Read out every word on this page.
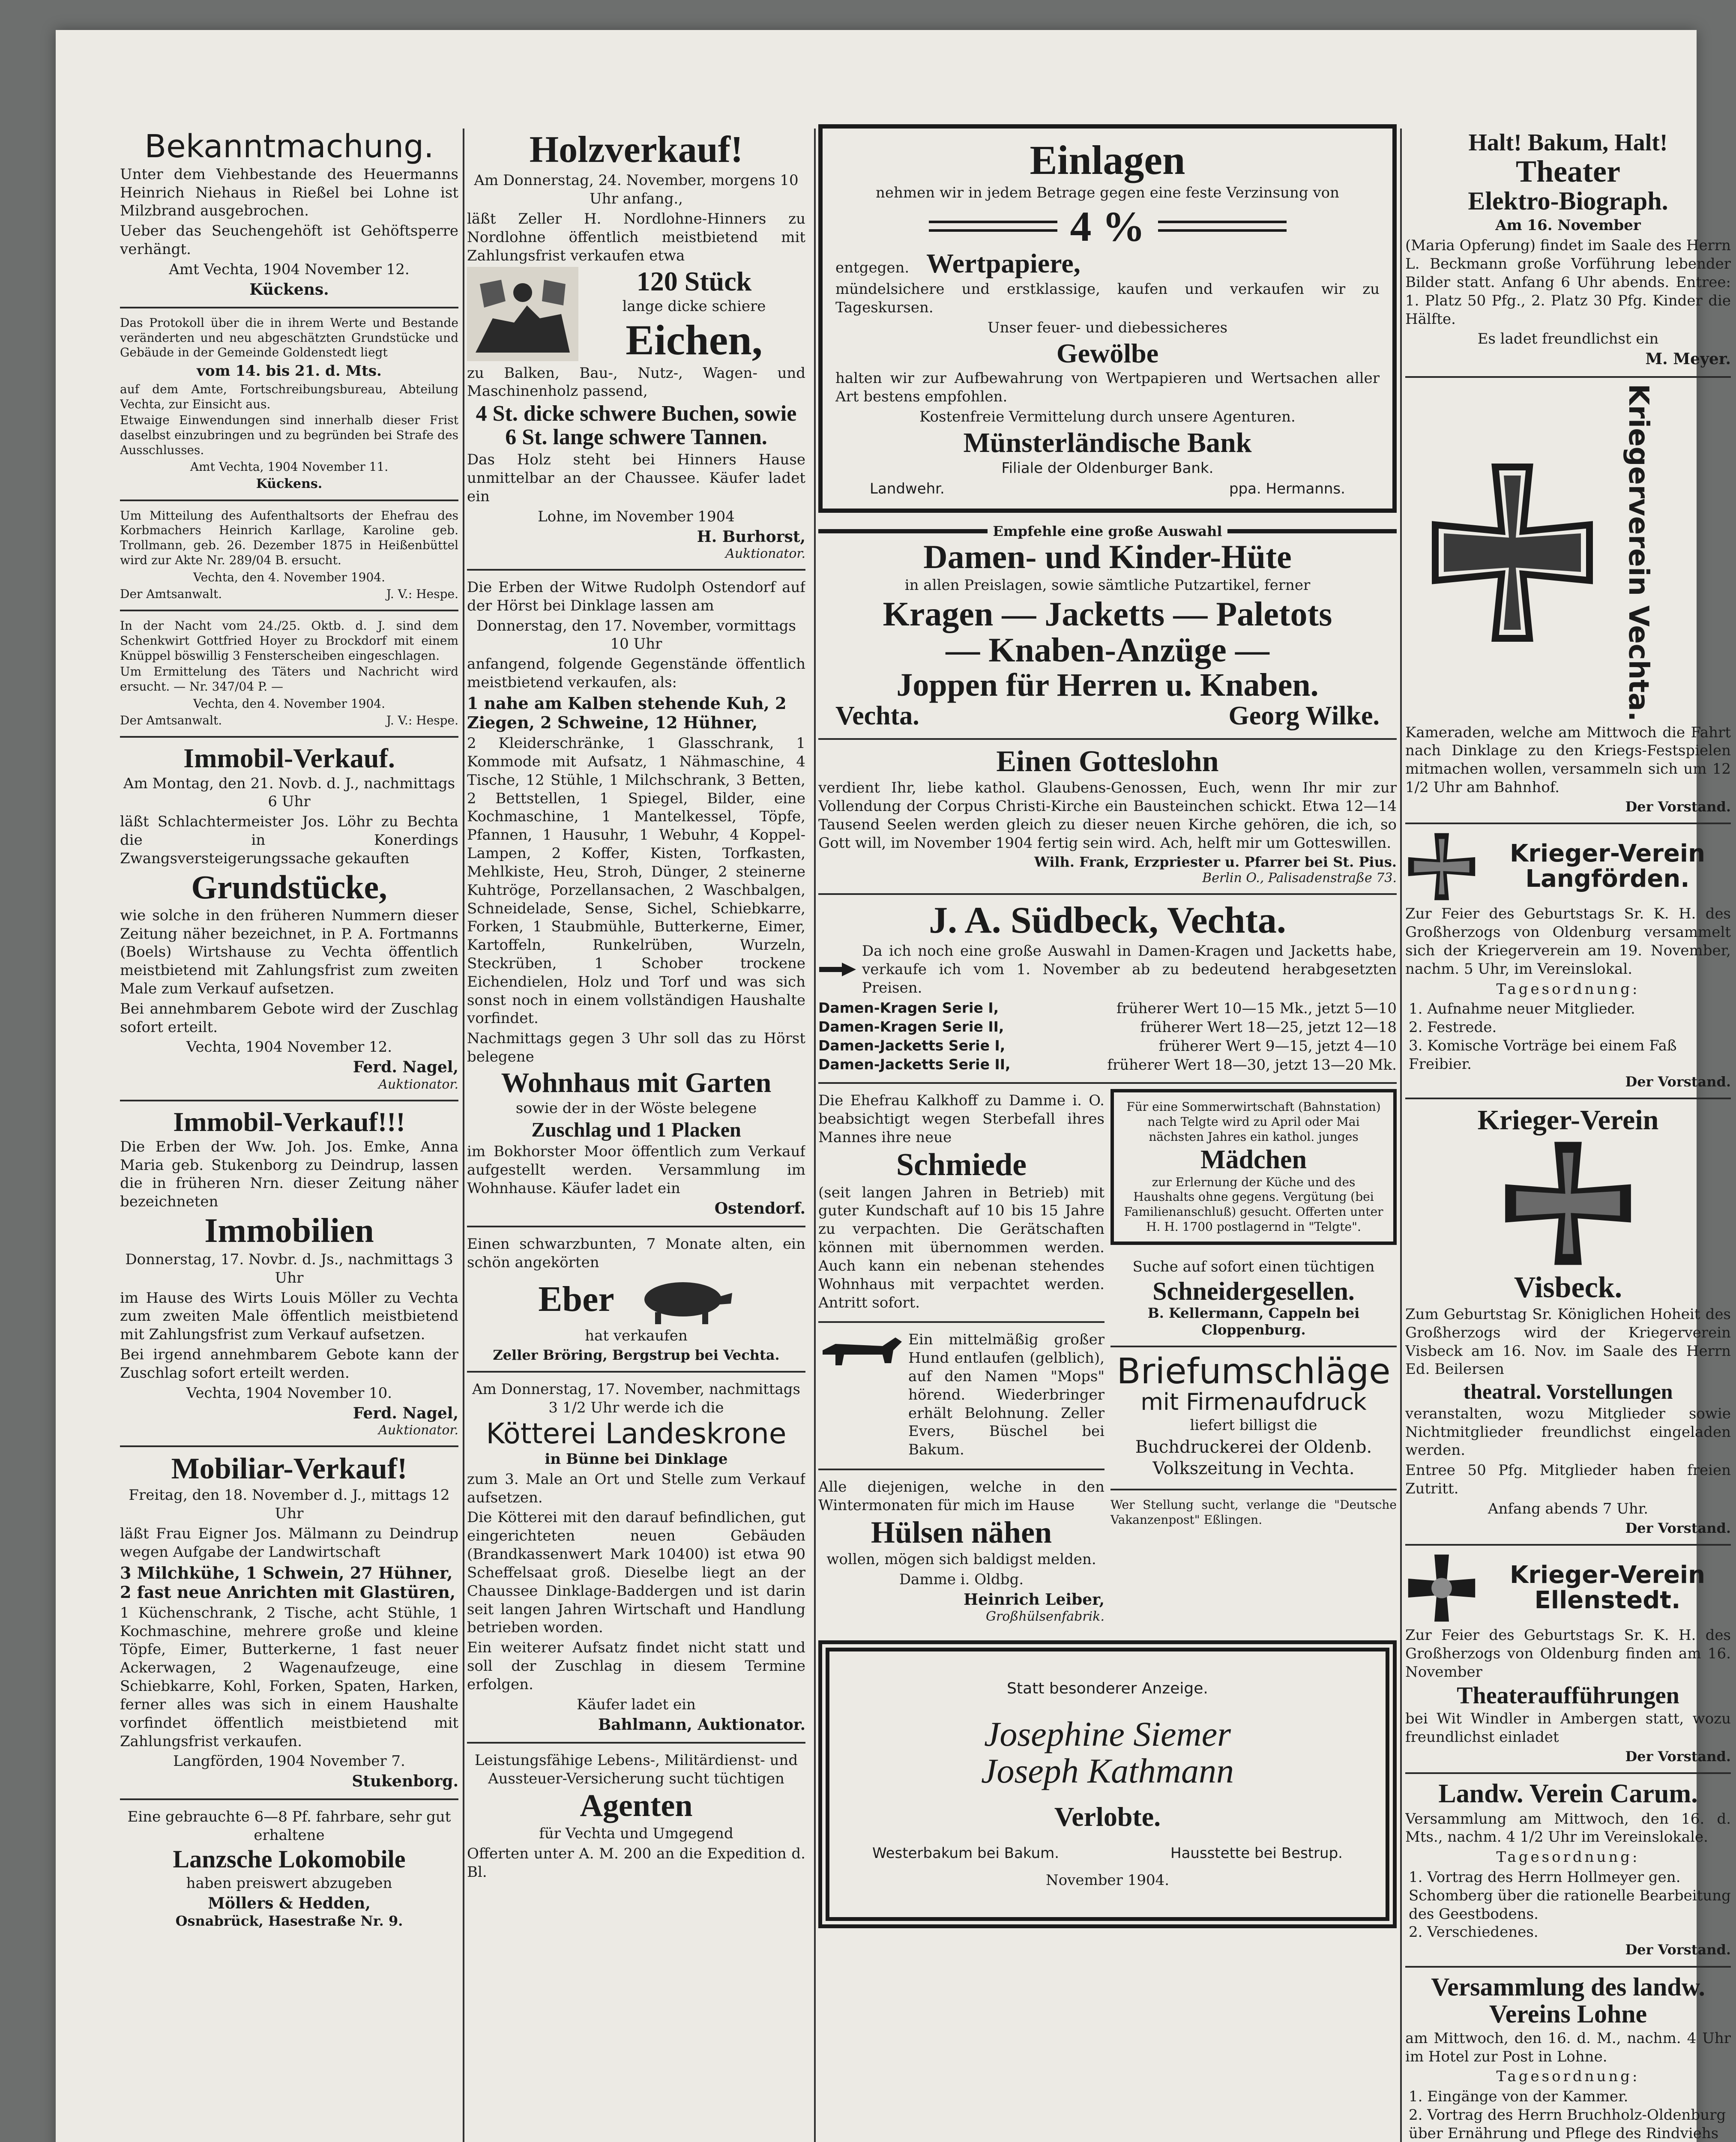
Bekanntmachung.
Unter dem Viehbestande des Heuermanns Heinrich Niehaus in Rießel bei Lohne ist Milzbrand ausgebrochen.
Ueber das Seuchengehöft ist Gehöftsperre verhängt.
Amt Vechta, 1904 November 12.
Kückens.
Das Protokoll über die in ihrem Werte und Bestande veränderten und neu abgeschätzten Grundstücke und Gebäude in der Gemeinde Goldenstedt liegt
vom 14. bis 21. d. Mts.
auf dem Amte, Fortschreibungsbureau, Abteilung Vechta, zur Einsicht aus.
Etwaige Einwendungen sind innerhalb dieser Frist daselbst einzubringen und zu begründen bei Strafe des Ausschlusses.
Amt Vechta, 1904 November 11.
Kückens.
Um Mitteilung des Aufenthaltsorts der Ehefrau des Korbmachers Heinrich Karllage, Karoline geb. Trollmann, geb. 26. Dezember 1875 in Heißenbüttel wird zur Akte Nr. 289/04 B. ersucht.
Vechta, den 4. November 1904.
Der Amtsanwalt.	J. V.: Hespe.
In der Nacht vom 24./25. Oktb. d. J. sind dem Schenkwirt Gottfried Hoyer zu Brockdorf mit einem Knüppel böswillig 3 Fensterscheiben eingeschlagen.
Um Ermittelung des Täters und Nachricht wird ersucht. — Nr. 347/04 P. —
Vechta, den 4. November 1904.
Der Amtsanwalt.	J. V.: Hespe.
Immobil-Verkauf.
Am Montag, den 21. Novb. d. J., nachmittags 6 Uhr
läßt Schlachtermeister Jos. Löhr zu Bechta die in Konerdings Zwangsversteigerungssache gekauften
Grundstücke,
wie solche in den früheren Nummern dieser Zeitung näher bezeichnet, in P. A. Fortmanns (Boels) Wirtshause zu Vechta öffentlich meistbietend mit Zahlungsfrist zum zweiten Male zum Verkauf aufsetzen.
Bei annehmbarem Gebote wird der Zuschlag sofort erteilt.
Vechta, 1904 November 12.
Ferd. Nagel,
Auktionator.
Immobil-Verkauf!!!
Die Erben der Ww. Joh. Jos. Emke, Anna Maria geb. Stukenborg zu Deindrup, lassen die in früheren Nrn. dieser Zeitung näher bezeichneten
Immobilien
Donnerstag, 17. Novbr. d. Js., nachmittags 3 Uhr
im Hause des Wirts Louis Möller zu Vechta zum zweiten Male öffentlich meistbietend mit Zahlungsfrist zum Verkauf aufsetzen.
Bei irgend annehmbarem Gebote kann der Zuschlag sofort erteilt werden.
Vechta, 1904 November 10.
Ferd. Nagel,
Auktionator.
Mobiliar-Verkauf!
Freitag, den 18. November d. J., mittags 12 Uhr
läßt Frau Eigner Jos. Mälmann zu Deindrup wegen Aufgabe der Landwirtschaft
3 Milchkühe, 1 Schwein, 27 Hühner, 2 fast neue Anrichten mit Glastüren,
1 Küchenschrank, 2 Tische, acht Stühle, 1 Kochmaschine, mehrere große und kleine Töpfe, Eimer, Butterkerne, 1 fast neuer Ackerwagen, 2 Wagenaufzeuge, eine Schiebkarre, Kohl, Forken, Spaten, Harken, ferner alles was sich in einem Haushalte vorfindet öffentlich meistbietend mit Zahlungsfrist verkaufen.
Langförden, 1904 November 7.
Stukenborg.
Eine gebrauchte 6—8 Pf. fahrbare, sehr gut erhaltene
Lanzsche Lokomobile
haben preiswert abzugeben
Möllers & Hedden,
Osnabrück, Hasestraße Nr. 9.
Holzverkauf!
Am Donnerstag, 24. November, morgens 10 Uhr anfang.,
läßt Zeller H. Nordlohne-Hinners zu Nordlohne öffentlich meistbietend mit Zahlungsfrist verkaufen etwa
120 Stück
lange dicke schiere
Eichen,
zu Balken, Bau-, Nutz-, Wagen- und Maschinenholz passend,
4 St. dicke schwere Buchen, sowie
6 St. lange schwere Tannen.
Das Holz steht bei Hinners Hause unmittelbar an der Chaussee. Käufer ladet ein
Lohne, im November 1904
H. Burhorst,
Auktionator.
Die Erben der Witwe Rudolph Ostendorf auf der Hörst bei Dinklage lassen am
Donnerstag, den 17. November, vormittags 10 Uhr
anfangend, folgende Gegenstände öffentlich meistbietend verkaufen, als:
1 nahe am Kalben stehende Kuh, 2 Ziegen, 2 Schweine, 12 Hühner,
2 Kleiderschränke, 1 Glasschrank, 1 Kommode mit Aufsatz, 1 Nähmaschine, 4 Tische, 12 Stühle, 1 Milchschrank, 3 Betten, 2 Bettstellen, 1 Spiegel, Bilder, eine Kochmaschine, 1 Mantelkessel, Töpfe, Pfannen, 1 Hausuhr, 1 Webuhr, 4 Koppel-Lampen, 2 Koffer, Kisten, Torfkasten, Mehlkiste, Heu, Stroh, Dünger, 2 steinerne Kuhtröge, Porzellansachen, 2 Waschbalgen, Schneidelade, Sense, Sichel, Schiebkarre, Forken, 1 Staubmühle, Butterkerne, Eimer, Kartoffeln, Runkelrüben, Wurzeln, Steckrüben, 1 Schober trockene Eichendielen, Holz und Torf und was sich sonst noch in einem vollständigen Haushalte vorfindet.
Nachmittags gegen 3 Uhr soll das zu Hörst belegene
Wohnhaus mit Garten
sowie der in der Wöste belegene
Zuschlag und 1 Placken
im Bokhorster Moor öffentlich zum Verkauf aufgestellt werden. Versammlung im Wohnhause. Käufer ladet ein
Ostendorf.
Einen schwarzbunten, 7 Monate alten, ein schön angekörten
Eber
hat verkaufen
Zeller Bröring, Bergstrup bei Vechta.
Am Donnerstag, 17. November, nachmittags 3 1/2 Uhr werde ich die
Kötterei Landeskrone
in Bünne bei Dinklage
zum 3. Male an Ort und Stelle zum Verkauf aufsetzen.
Die Kötterei mit den darauf befindlichen, gut eingerichteten neuen Gebäuden (Brandkassenwert Mark 10400) ist etwa 90 Scheffelsaat groß. Dieselbe liegt an der Chaussee Dinklage-Baddergen und ist darin seit langen Jahren Wirtschaft und Handlung betrieben worden.
Ein weiterer Aufsatz findet nicht statt und soll der Zuschlag in diesem Termine erfolgen.
Käufer ladet ein
Bahlmann, Auktionator.
Leistungsfähige Lebens-, Militärdienst- und Aussteuer-Versicherung sucht tüchtigen
Agenten
für Vechta und Umgegend
Offerten unter A. M. 200 an die Expedition d. Bl.
Einlagen
nehmen wir in jedem Betrage gegen eine feste Verzinsung von
4 %
entgegen. Wertpapiere,
mündelsichere und erstklassige, kaufen und verkaufen wir zu Tageskursen.
Unser feuer- und diebessicheres
Gewölbe
halten wir zur Aufbewahrung von Wertpapieren und Wertsachen aller Art bestens empfohlen.
Kostenfreie Vermittelung durch unsere Agenturen.
Münsterländische Bank
Filiale der Oldenburger Bank.
Landwehr.	ppa. Hermanns.
Empfehle eine große Auswahl
Damen- und Kinder-Hüte
in allen Preislagen, sowie sämtliche Putzartikel, ferner
Kragen — Jacketts — Paletots
— Knaben-Anzüge —
Joppen für Herren u. Knaben.
Vechta.	Georg Wilke.
Einen Gotteslohn
verdient Ihr, liebe kathol. Glaubens-Genossen, Euch, wenn Ihr mir zur Vollendung der Corpus Christi-Kirche ein Bausteinchen schickt. Etwa 12—14 Tausend Seelen werden gleich zu dieser neuen Kirche gehören, die ich, so Gott will, im November 1904 fertig sein wird. Ach, helft mir um Gotteswillen.
Wilh. Frank, Erzpriester u. Pfarrer bei St. Pius.
Berlin O., Palisadenstraße 73.
J. A. Südbeck, Vechta.
Da ich noch eine große Auswahl in Damen-Kragen und Jacketts habe, verkaufe ich vom 1. November ab zu bedeutend herabgesetzten Preisen.
Damen-Kragen Serie I,	früherer Wert 10—15 Mk., jetzt 5—10
Damen-Kragen Serie II,	früherer Wert 18—25, jetzt 12—18
Damen-Jacketts Serie I,	früherer Wert 9—15, jetzt 4—10
Damen-Jacketts Serie II,	früherer Wert 18—30, jetzt 13—20 Mk.
Die Ehefrau Kalkhoff zu Damme i. O. beabsichtigt wegen Sterbefall ihres Mannes ihre neue
Schmiede
(seit langen Jahren in Betrieb) mit guter Kundschaft auf 10 bis 15 Jahre zu verpachten. Die Gerätschaften können mit übernommen werden. Auch kann ein nebenan stehendes Wohnhaus mit verpachtet werden. Antritt sofort.
Ein mittelmäßig großer Hund entlaufen (gelblich), auf den Namen "Mops" hörend. Wiederbringer erhält Belohnung. Zeller Evers, Büschel bei Bakum.
Alle diejenigen, welche in den Wintermonaten für mich im Hause
Hülsen nähen
wollen, mögen sich baldigst melden.
Damme i. Oldbg.
Heinrich Leiber,
Großhülsenfabrik.
Für eine Sommerwirtschaft (Bahnstation) nach Telgte wird zu April oder Mai nächsten Jahres ein kathol. junges
Mädchen
zur Erlernung der Küche und des Haushalts ohne gegens. Vergütung (bei Familienanschluß) gesucht. Offerten unter H. H. 1700 postlagernd in "Telgte".
Suche auf sofort einen tüchtigen
Schneidergesellen.
B. Kellermann, Cappeln bei Cloppenburg.
Briefumschläge
mit Firmenaufdruck
liefert billigst die
Buchdruckerei der Oldenb. Volkszeitung in Vechta.
Wer Stellung sucht, verlange die "Deutsche Vakanzenpost" Eßlingen.
Statt besonderer Anzeige.
Josephine Siemer
Joseph Kathmann
Verlobte.
Westerbakum bei Bakum.	Hausstette bei Bestrup.
November 1904.
Halt! Bakum, Halt!
Theater
Elektro-Biograph.
Am 16. November
(Maria Opferung) findet im Saale des Herrn L. Beckmann große Vorführung lebender Bilder statt. Anfang 6 Uhr abends. Entree: 1. Platz 50 Pfg., 2. Platz 30 Pfg. Kinder die Hälfte.
Es ladet freundlichst ein
M. Meyer.
Kriegerverein Vechta.
Kameraden, welche am Mittwoch die Fahrt nach Dinklage zu den Kriegs-Festspielen mitmachen wollen, versammeln sich um 12 1/2 Uhr am Bahnhof.
Der Vorstand.
Krieger-Verein Langförden.
Zur Feier des Geburtstags Sr. K. H. des Großherzogs von Oldenburg versammelt sich der Kriegerverein am 19. November, nachm. 5 Uhr, im Vereinslokal.
Tagesordnung:
1. Aufnahme neuer Mitglieder.
2. Festrede.
3. Komische Vorträge bei einem Faß Freibier.
Der Vorstand.
Krieger-Verein
Visbeck.
Zum Geburtstag Sr. Königlichen Hoheit des Großherzogs wird der Kriegerverein Visbeck am 16. Nov. im Saale des Herrn Ed. Beilersen
theatral. Vorstellungen
veranstalten, wozu Mitglieder sowie Nichtmitglieder freundlichst eingeladen werden.
Entree 50 Pfg. Mitglieder haben freien Zutritt.
Anfang abends 7 Uhr.
Der Vorstand.
Krieger-Verein Ellenstedt.
Zur Feier des Geburtstags Sr. K. H. des Großherzogs von Oldenburg finden am 16. November
Theateraufführungen
bei Wit Windler in Ambergen statt, wozu freundlichst einladet
Der Vorstand.
Landw. Verein Carum.
Versammlung am Mittwoch, den 16. d. Mts., nachm. 4 1/2 Uhr im Vereinslokale.
Tagesordnung:
1. Vortrag des Herrn Hollmeyer gen. Schomberg über die rationelle Bearbeitung des Geestbodens.
2. Verschiedenes.
Der Vorstand.
Versammlung des landw. Vereins Lohne
am Mittwoch, den 16. d. M., nachm. 4 Uhr im Hotel zur Post in Lohne.
Tagesordnung:
1. Eingänge von der Kammer.
2. Vortrag des Herrn Bruchholz-Oldenburg über Ernährung und Pflege des Rindviehs
